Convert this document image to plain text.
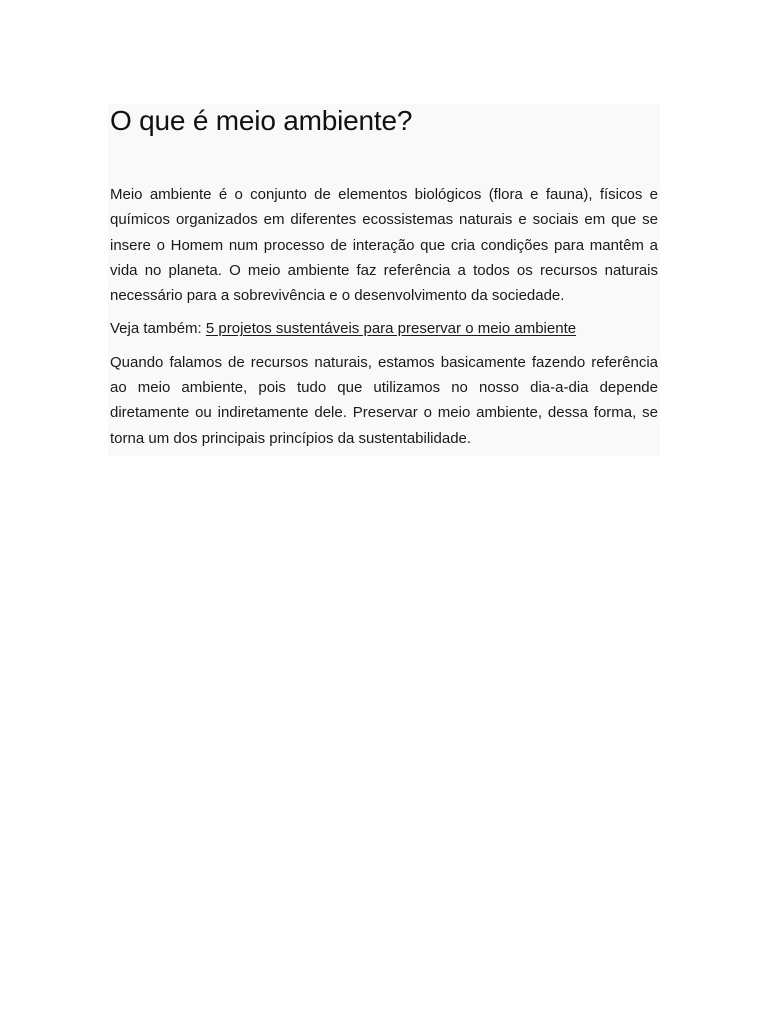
O que é meio ambiente?

Meio ambiente é o conjunto de elementos biológicos (flora e fauna), físicos e químicos organizados em diferentes ecossistemas naturais e sociais em que se insere o Homem num processo de interação que cria condições para mantêm a vida no planeta. O meio ambiente faz referência a todos os recursos naturais necessário para a sobrevivência e o desenvolvimento da sociedade.

Veja também: 5 projetos sustentáveis para preservar o meio ambiente

Quando falamos de recursos naturais, estamos basicamente fazendo referência ao meio ambiente, pois tudo que utilizamos no nosso dia-a-dia depende diretamente ou indiretamente dele. Preservar o meio ambiente, dessa forma, se torna um dos principais princípios da sustentabilidade.
